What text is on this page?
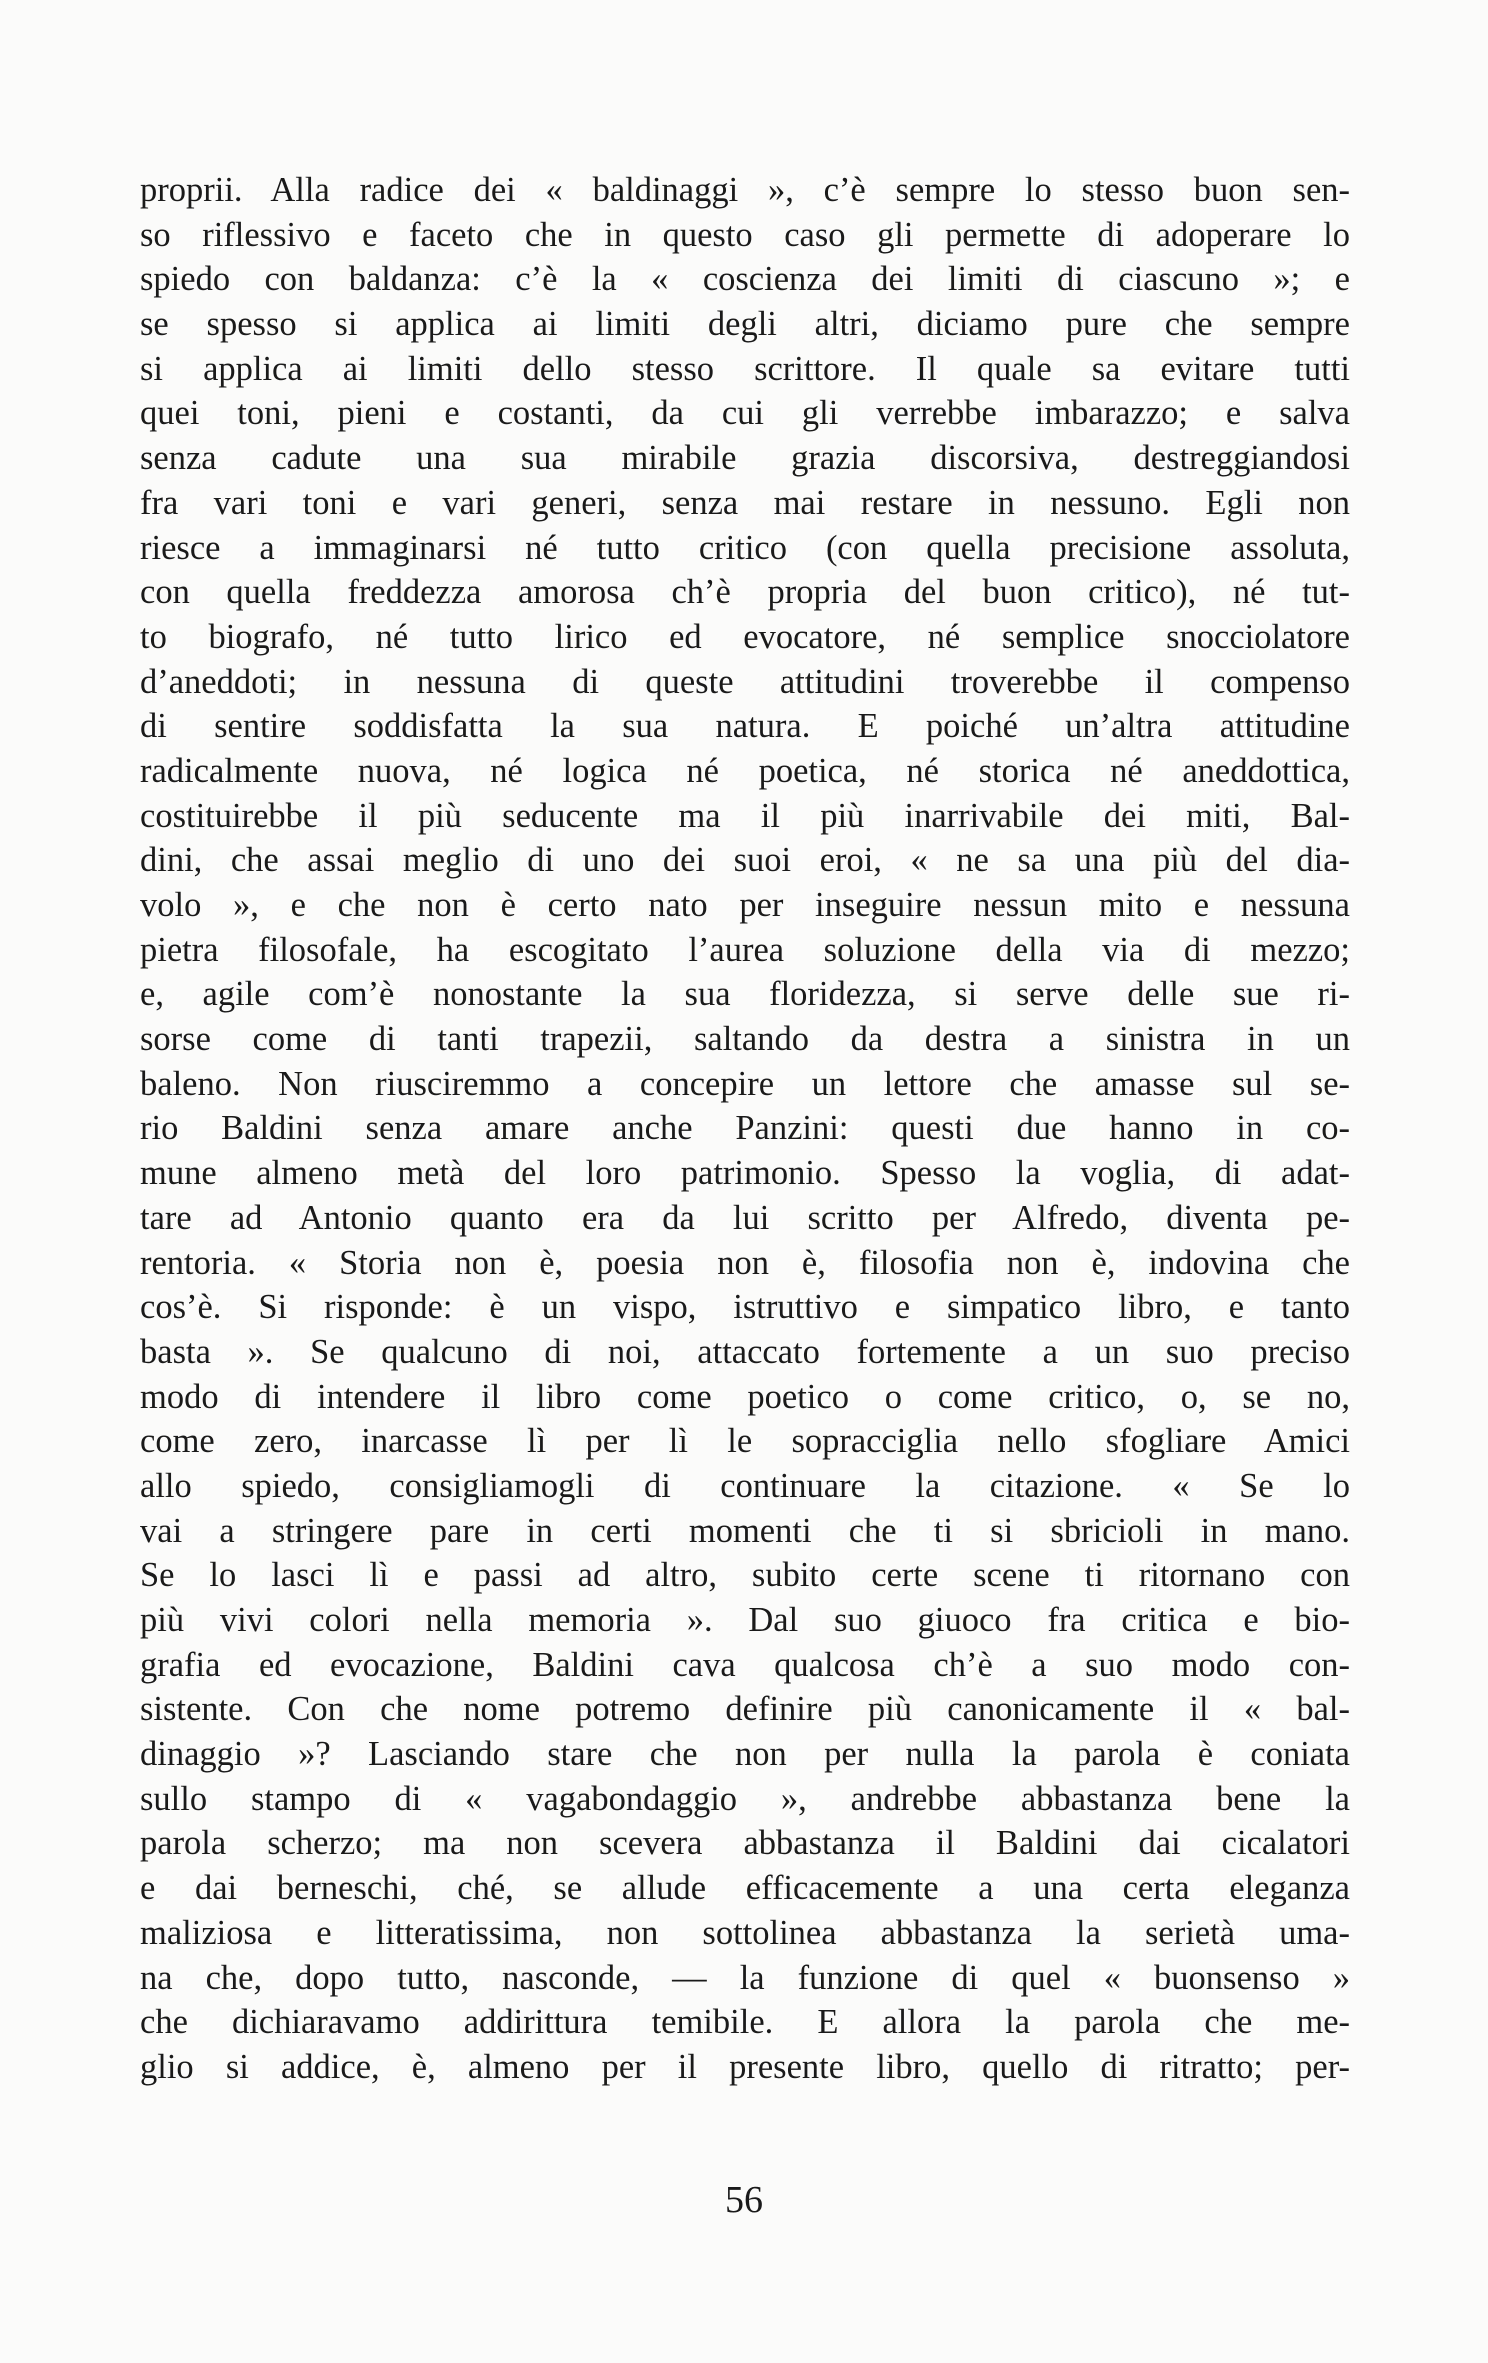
proprii. Alla radice dei « baldinaggi », c’è sempre lo stesso buon sen-
so riflessivo e faceto che in questo caso gli permette di adoperare lo
spiedo con baldanza: c’è la « coscienza dei limiti di ciascuno »; e
se spesso si applica ai limiti degli altri, diciamo pure che sempre
si applica ai limiti dello stesso scrittore. Il quale sa evitare tutti
quei toni, pieni e costanti, da cui gli verrebbe imbarazzo; e salva
senza cadute una sua mirabile grazia discorsiva, destreggiandosi
fra vari toni e vari generi, senza mai restare in nessuno. Egli non
riesce a immaginarsi né tutto critico (con quella precisione assoluta,
con quella freddezza amorosa ch’è propria del buon critico), né tut-
to biografo, né tutto lirico ed evocatore, né semplice snocciolatore
d’aneddoti; in nessuna di queste attitudini troverebbe il compenso
di sentire soddisfatta la sua natura. E poiché un’altra attitudine
radicalmente nuova, né logica né poetica, né storica né aneddottica,
costituirebbe il più seducente ma il più inarrivabile dei miti, Bal-
dini, che assai meglio di uno dei suoi eroi, « ne sa una più del dia-
volo », e che non è certo nato per inseguire nessun mito e nessuna
pietra filosofale, ha escogitato l’aurea soluzione della via di mezzo;
e, agile com’è nonostante la sua floridezza, si serve delle sue ri-
sorse come di tanti trapezii, saltando da destra a sinistra in un
baleno. Non riusciremmo a concepire un lettore che amasse sul se-
rio Baldini senza amare anche Panzini: questi due hanno in co-
mune almeno metà del loro patrimonio. Spesso la voglia, di adat-
tare ad Antonio quanto era da lui scritto per Alfredo, diventa pe-
rentoria. « Storia non è, poesia non è, filosofia non è, indovina che
cos’è. Si risponde: è un vispo, istruttivo e simpatico libro, e tanto
basta ». Se qualcuno di noi, attaccato fortemente a un suo preciso
modo di intendere il libro come poetico o come critico, o, se no,
come zero, inarcasse lì per lì le sopracciglia nello sfogliare Amici
allo spiedo, consigliamogli di continuare la citazione. « Se lo
vai a stringere pare in certi momenti che ti si sbricioli in mano.
Se lo lasci lì e passi ad altro, subito certe scene ti ritornano con
più vivi colori nella memoria ». Dal suo giuoco fra critica e bio-
grafia ed evocazione, Baldini cava qualcosa ch’è a suo modo con-
sistente. Con che nome potremo definire più canonicamente il « bal-
dinaggio »? Lasciando stare che non per nulla la parola è coniata
sullo stampo di « vagabondaggio », andrebbe abbastanza bene la
parola scherzo; ma non scevera abbastanza il Baldini dai cicalatori
e dai berneschi, ché, se allude efficacemente a una certa eleganza
maliziosa e litteratissima, non sottolinea abbastanza la serietà uma-
na che, dopo tutto, nasconde, — la funzione di quel « buonsenso »
che dichiaravamo addirittura temibile. E allora la parola che me-
glio si addice, è, almeno per il presente libro, quello di ritratto; per-
56
